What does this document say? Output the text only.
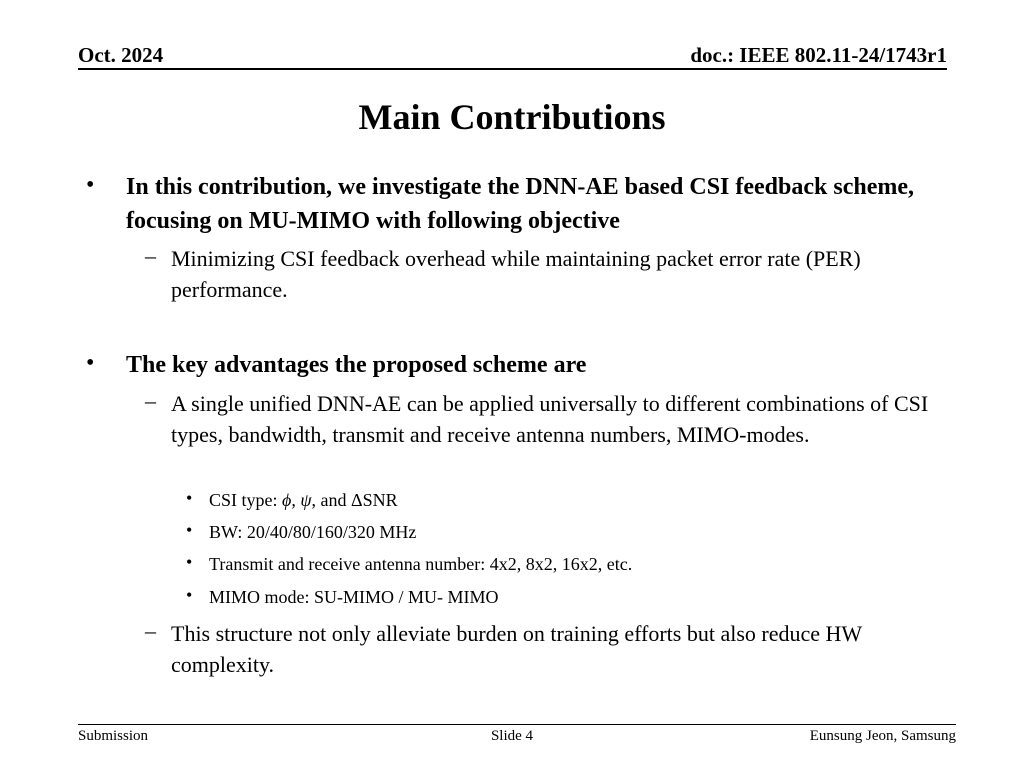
Oct. 2024	doc.: IEEE 802.11-24/1743r1
Main Contributions
• In this contribution, we investigate the DNN-AE based CSI feedback scheme, focusing on MU-MIMO with following objective
– Minimizing CSI feedback overhead while maintaining packet error rate (PER) performance.
• The key advantages the proposed scheme are
– A single unified DNN-AE can be applied universally to different combinations of CSI types, bandwidth, transmit and receive antenna numbers, MIMO-modes.
• CSI type: ϕ, ψ, and ΔSNR
• BW: 20/40/80/160/320 MHz
• Transmit and receive antenna number: 4x2, 8x2, 16x2, etc.
• MIMO mode: SU-MIMO / MU- MIMO
– This structure not only alleviate burden on training efforts but also reduce HW complexity.
Submission	Slide 4	Eunsung Jeon, Samsung
